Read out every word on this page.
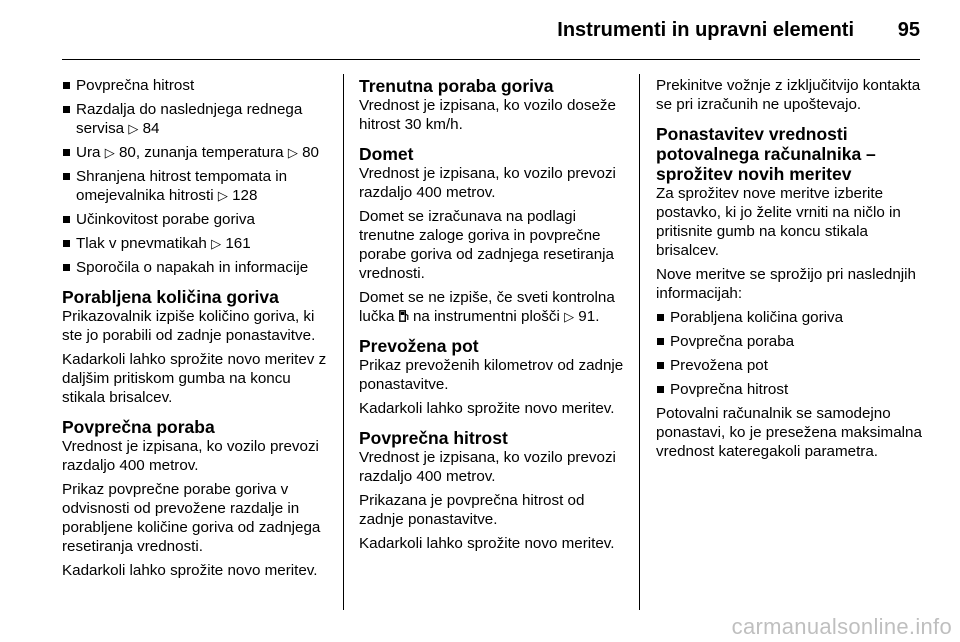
Instrumenti in upravni elementi 95
Povprečna hitrost
Razdalja do naslednjega rednega servisa ▷ 84
Ura ▷ 80, zunanja temperatura ▷ 80
Shranjena hitrost tempomata in omejevalnika hitrosti ▷ 128
Učinkovitost porabe goriva
Tlak v pnevmatikah ▷ 161
Sporočila o napakah in informacije
Porabljena količina goriva

Prikazovalnik izpiše količino goriva, ki ste jo porabili od zadnje ponastavitve.

Kadarkoli lahko sprožite novo meritev z daljšim pritiskom gumba na koncu stikala brisalcev.

Povprečna poraba

Vrednost je izpisana, ko vozilo prevozi razdaljo 400 metrov.

Prikaz povprečne porabe goriva v odvisnosti od prevožene razdalje in porabljene količine goriva od zadnjega resetiranja vrednosti.

Kadarkoli lahko sprožite novo meritev.

Trenutna poraba goriva

Vrednost je izpisana, ko vozilo doseže hitrost 30 km/h.

Domet

Vrednost je izpisana, ko vozilo prevozi razdaljo 400 metrov.

Domet se izračunava na podlagi trenutne zaloge goriva in povprečne porabe goriva od zadnjega resetiranja vrednosti.

Domet se ne izpiše, če sveti kontrolna lučka na instrumentni plošči ▷ 91.

Prevožena pot

Prikaz prevoženih kilometrov od zadnje ponastavitve.

Kadarkoli lahko sprožite novo meritev.

Povprečna hitrost

Vrednost je izpisana, ko vozilo prevozi razdaljo 400 metrov.

Prikazana je povprečna hitrost od zadnje ponastavitve.

Kadarkoli lahko sprožite novo meritev.

Prekinitve vožnje z izključitvijo kontakta se pri izračunih ne upoštevajo.

Ponastavitev vrednosti potovalnega računalnika – sprožitev novih meritev

Za sprožitev nove meritve izberite postavko, ki jo želite vrniti na ničlo in pritisnite gumb na koncu stikala brisalcev.

Nove meritve se sprožijo pri naslednjih informacijah:

Porabljena količina goriva
Povprečna poraba
Prevožena pot
Povprečna hitrost

Potovalni računalnik se samodejno ponastavi, ko je presežena maksimalna vrednost kateregakoli parametra.

carmanualsonline.info
